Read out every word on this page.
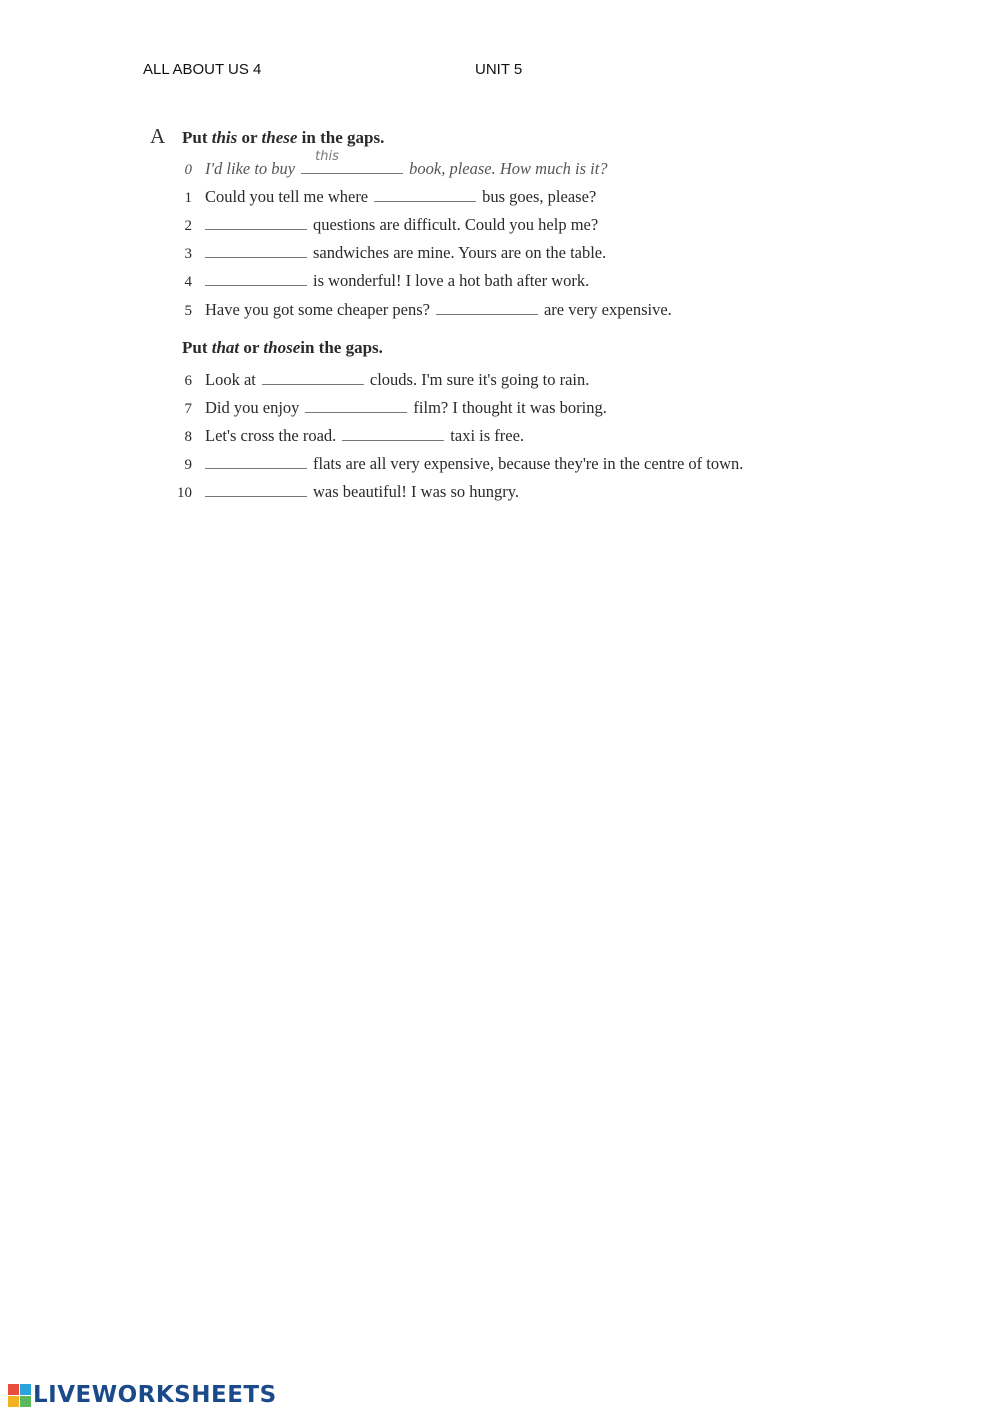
ALL ABOUT US 4	UNIT 5
A Put this or these in the gaps.
0 I'd like to buy
this
book, please. How much is it?
1 Could you tell me where	bus goes, please?
2	questions are difficult. Could you help me?
3	sandwiches are mine. Yours are on the table.
4	is wonderful! I love a hot bath after work.
5 Have you got some cheaper pens?	are very expensive.
Put that or thosein the gaps.
6 Look at	clouds. I'm sure it's going to rain.
7 Did you enjoy	film? I thought it was boring.
8 Let's cross the road.	taxi is free.
9	flats are all very expensive, because they're in the centre of town.
10	was beautiful! I was so hungry.
LIVEWORKSHEETS
